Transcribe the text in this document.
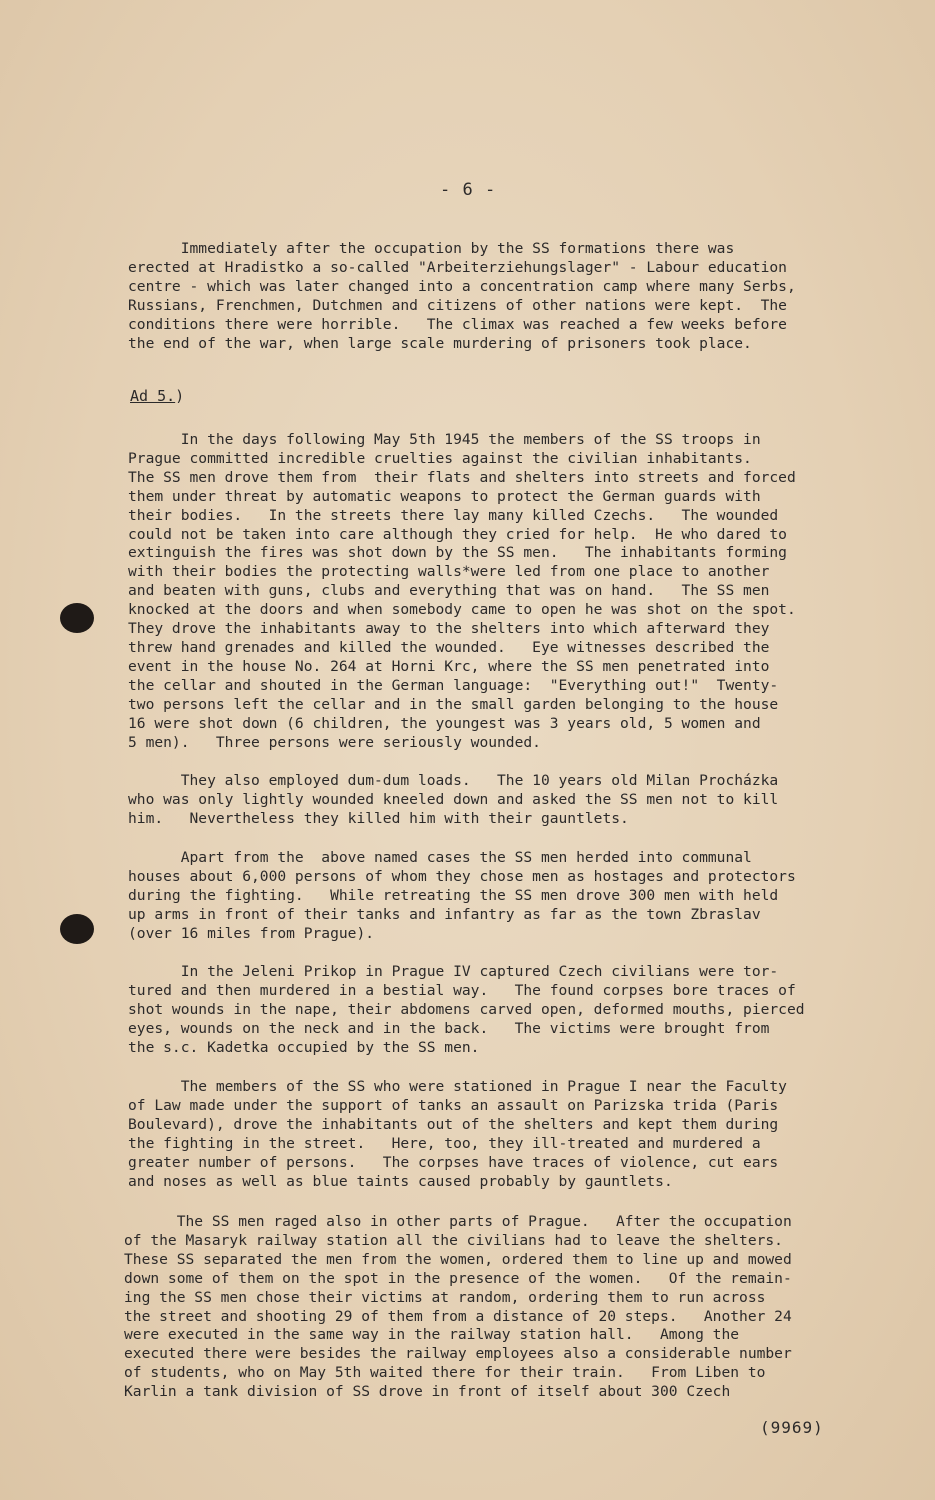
- 6 -
Immediately after the occupation by the SS formations there was
erected at Hradistko a so-called "Arbeiterziehungslager" - Labour education
centre - which was later changed into a concentration camp where many Serbs,
Russians, Frenchmen, Dutchmen and citizens of other nations were kept.  The
conditions there were horrible.   The climax was reached a few weeks before
the end of the war, when large scale murdering of prisoners took place.
Ad 5.)
In the days following May 5th 1945 the members of the SS troops in
Prague committed incredible cruelties against the civilian inhabitants.
The SS men drove them from  their flats and shelters into streets and forced
them under threat by automatic weapons to protect the German guards with
their bodies.   In the streets there lay many killed Czechs.   The wounded
could not be taken into care although they cried for help.  He who dared to
extinguish the fires was shot down by the SS men.   The inhabitants forming
with their bodies the protecting walls*were led from one place to another
and beaten with guns, clubs and everything that was on hand.   The SS men
knocked at the doors and when somebody came to open he was shot on the spot.
They drove the inhabitants away to the shelters into which afterward they
threw hand grenades and killed the wounded.   Eye witnesses described the
event in the house No. 264 at Horni Krc, where the SS men penetrated into
the cellar and shouted in the German language:  "Everything out!"  Twenty-
two persons left the cellar and in the small garden belonging to the house
16 were shot down (6 children, the youngest was 3 years old, 5 women and
5 men).   Three persons were seriously wounded.
They also employed dum-dum loads.   The 10 years old Milan Procházka
who was only lightly wounded kneeled down and asked the SS men not to kill
him.   Nevertheless they killed him with their gauntlets.
Apart from the  above named cases the SS men herded into communal
houses about 6,000 persons of whom they chose men as hostages and protectors
during the fighting.   While retreating the SS men drove 300 men with held
up arms in front of their tanks and infantry as far as the town Zbraslav
(over 16 miles from Prague).
In the Jeleni Prikop in Prague IV captured Czech civilians were tor-
tured and then murdered in a bestial way.   The found corpses bore traces of
shot wounds in the nape, their abdomens carved open, deformed mouths, pierced
eyes, wounds on the neck and in the back.   The victims were brought from
the s.c. Kadetka occupied by the SS men.
The members of the SS who were stationed in Prague I near the Faculty
of Law made under the support of tanks an assault on Parizska trida (Paris
Boulevard), drove the inhabitants out of the shelters and kept them during
the fighting in the street.   Here, too, they ill-treated and murdered a
greater number of persons.   The corpses have traces of violence, cut ears
and noses as well as blue taints caused probably by gauntlets.
The SS men raged also in other parts of Prague.   After the occupation
of the Masaryk railway station all the civilians had to leave the shelters.
These SS separated the men from the women, ordered them to line up and mowed
down some of them on the spot in the presence of the women.   Of the remain-
ing the SS men chose their victims at random, ordering them to run across
the street and shooting 29 of them from a distance of 20 steps.   Another 24
were executed in the same way in the railway station hall.   Among the
executed there were besides the railway employees also a considerable number
of students, who on May 5th waited there for their train.   From Liben to
Karlin a tank division of SS drove in front of itself about 300 Czech
(9969)
